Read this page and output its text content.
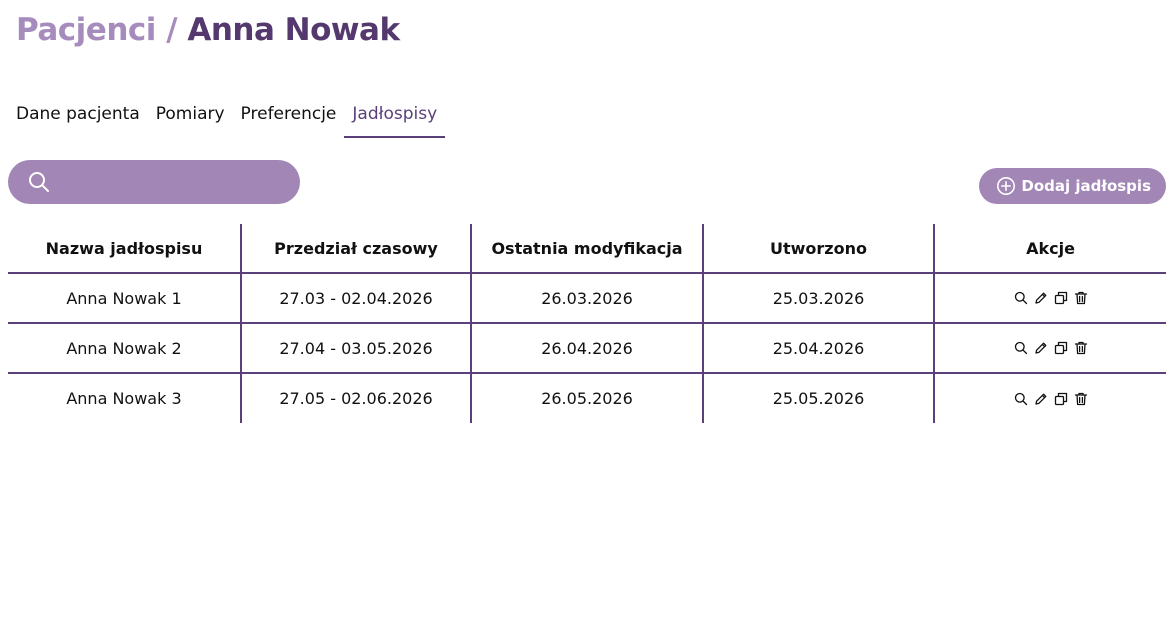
Pacjenci / Anna Nowak
Dane pacjenta Pomiary Preferencje Jadłospisy
Dodaj jadłospis
Nazwa jadłospisu	Przedział czasowy	Ostatnia modyfikacja	Utworzono	Akcje
Anna Nowak 1	27.03 - 02.04.2026	26.03.2026	25.03.2026	

Anna Nowak 2	27.04 - 03.05.2026	26.04.2026	25.04.2026	

Anna Nowak 3	27.05 - 02.06.2026	26.05.2026	25.05.2026	
